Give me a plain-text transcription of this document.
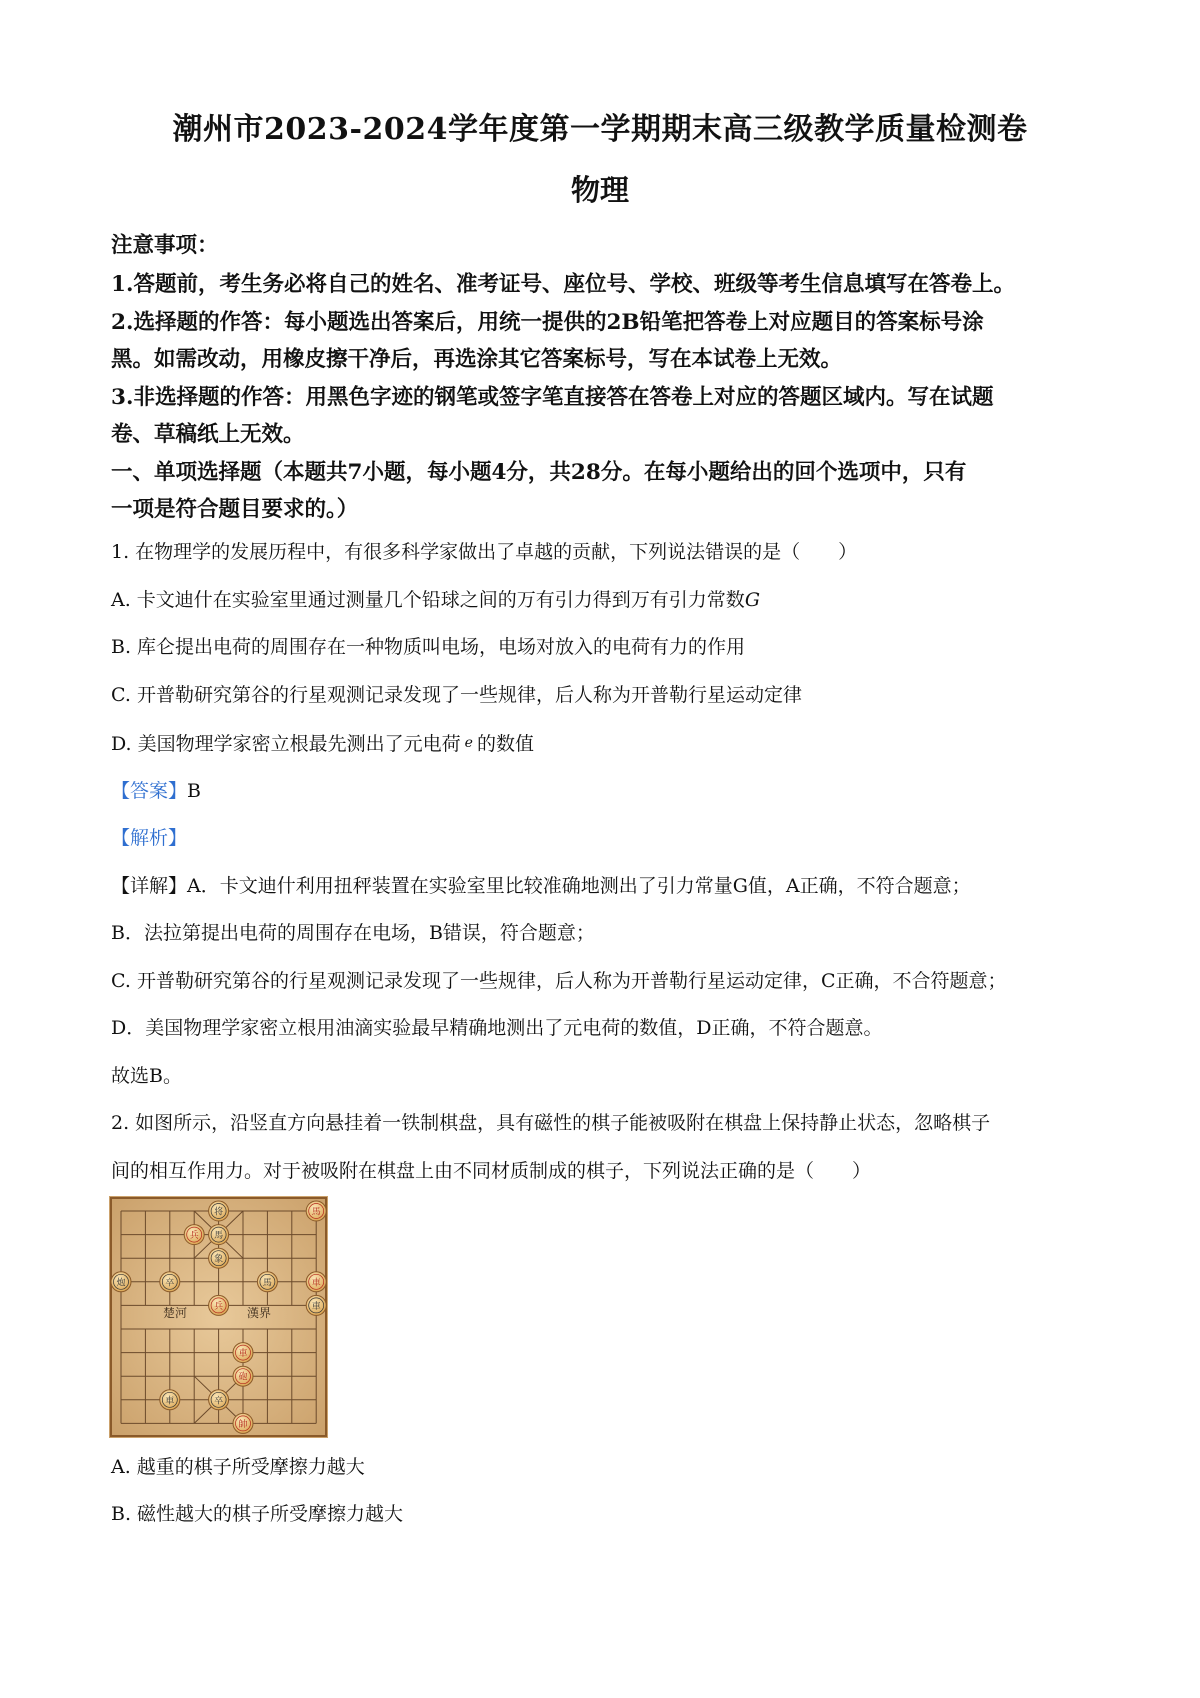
潮州市2023-2024学年度第一学期期末高三级教学质量检测卷
物理
注意事项：
1.答题前，考生务必将自己的姓名、准考证号、座位号、学校、班级等考生信息填写在答卷上。
2.选择题的作答：每小题选出答案后，用统一提供的2B铅笔把答卷上对应题目的答案标号涂
黑。如需改动，用橡皮擦干净后，再选涂其它答案标号，写在本试卷上无效。
3.非选择题的作答：用黑色字迹的钢笔或签字笔直接答在答卷上对应的答题区域内。写在试题
卷、草稿纸上无效。
一、单项选择题（本题共7小题，每小题4分，共28分。在每小题给出的回个选项中，只有
一项是符合题目要求的。）
1. 在物理学的发展历程中，有很多科学家做出了卓越的贡献，下列说法错误的是（　　）
A. 卡文迪什在实验室里通过测量几个铅球之间的万有引力得到万有引力常数G
B. 库仑提出电荷的周围存在一种物质叫电场，电场对放入的电荷有力的作用
C. 开普勒研究第谷的行星观测记录发现了一些规律，后人称为开普勒行星运动定律
D. 美国物理学家密立根最先测出了元电荷 e 的数值
【答案】B
【解析】
【详解】A．卡文迪什利用扭秤装置在实验室里比较准确地测出了引力常量G值，A正确，不符合题意；
B．法拉第提出电荷的周围存在电场，B错误，符合题意；
C. 开普勒研究第谷的行星观测记录发现了一些规律，后人称为开普勒行星运动定律，C正确，不合符题意；
D．美国物理学家密立根用油滴实验最早精确地测出了元电荷的数值，D正确，不符合题意。
故选B。
2. 如图所示，沿竖直方向悬挂着一铁制棋盘，具有磁性的棋子能被吸附在棋盘上保持静止状态，忽略棋子
间的相互作用力。对于被吸附在棋盘上由不同材质制成的棋子，下列说法正确的是（　　）
楚河	漢界
将	馬
兵 馬
象
炮	卒	馬	車
車
兵
車
砲
車	卒
帥
A. 越重的棋子所受摩擦力越大
B. 磁性越大的棋子所受摩擦力越大
